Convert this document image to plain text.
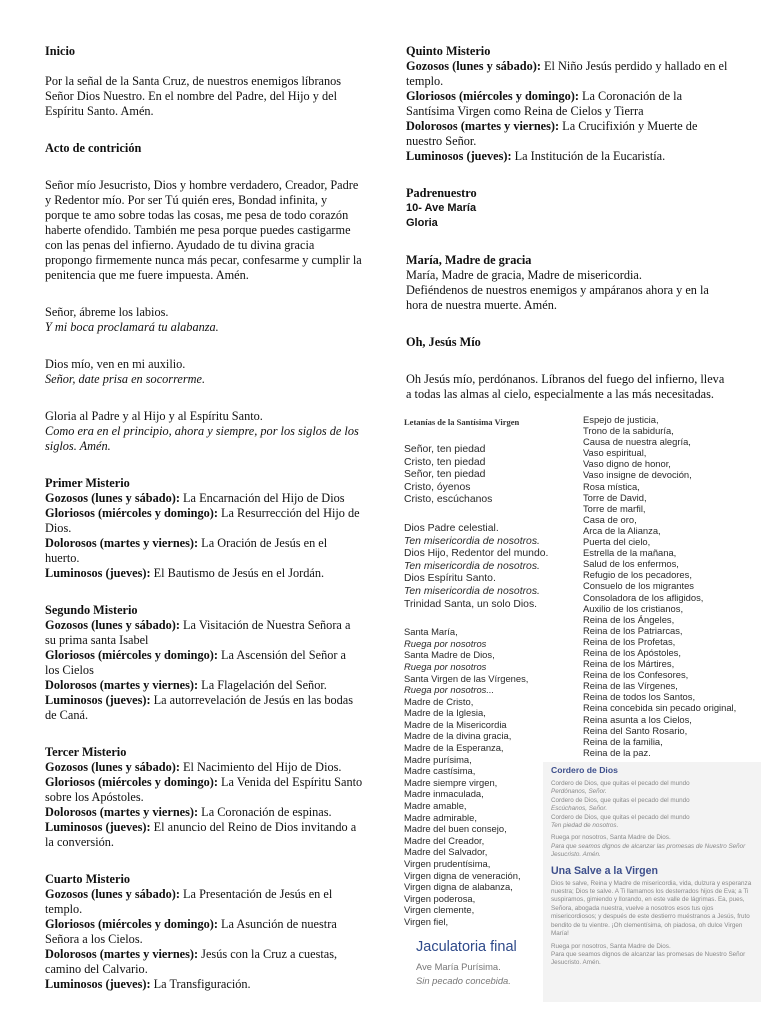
Inicio

Por la señal de la Santa Cruz, de nuestros enemigos líbranos Señor Dios Nuestro. En el nombre del Padre, del Hijo y del Espíritu Santo. Amén.

Acto de contrición

Señor mío Jesucristo, Dios y hombre verdadero, Creador, Padre y Redentor mío. Por ser Tú quién eres, Bondad infinita, y porque te amo sobre todas las cosas, me pesa de todo corazón haberte ofendido. También me pesa porque puedes castigarme con las penas del infierno. Ayudado de tu divina gracia propongo firmemente nunca más pecar, confesarme y cumplir la penitencia que me fuere impuesta. Amén.

Señor, ábreme los labios.

Y mi boca proclamará tu alabanza.

Dios mío, ven en mi auxilio.

Señor, date prisa en socorrerme.

Gloria al Padre y al Hijo y al Espíritu Santo.

Como era en el principio, ahora y siempre, por los siglos de los siglos. Amén.

Primer Misterio

Gozosos (lunes y sábado): La Encarnación del Hijo de Dios

Gloriosos (miércoles y domingo): La Resurrección del Hijo de Dios.

Dolorosos (martes y viernes): La Oración de Jesús en el huerto.

Luminosos (jueves): El Bautismo de Jesús en el Jordán.

Segundo Misterio

Gozosos (lunes y sábado): La Visitación de Nuestra Señora a su prima santa Isabel

Gloriosos (miércoles y domingo): La Ascensión del Señor a los Cielos

Dolorosos (martes y viernes): La Flagelación del Señor.

Luminosos (jueves): La autorrevelación de Jesús en las bodas de Caná.

Tercer Misterio

Gozosos (lunes y sábado): El Nacimiento del Hijo de Dios.

Gloriosos (miércoles y domingo): La Venida del Espíritu Santo sobre los Apóstoles.

Dolorosos (martes y viernes): La Coronación de espinas.

Luminosos (jueves): El anuncio del Reino de Dios invitando a la conversión.

Cuarto Misterio

Gozosos (lunes y sábado): La Presentación de Jesús en el templo.

Gloriosos (miércoles y domingo): La Asunción de nuestra Señora a los Cielos.

Dolorosos (martes y viernes): Jesús con la Cruz a cuestas, camino del Calvario.

Luminosos (jueves): La Transfiguración.

Quinto Misterio

Gozosos (lunes y sábado): El Niño Jesús perdido y hallado en el templo.

Gloriosos (miércoles y domingo): La Coronación de la Santísima Virgen como Reina de Cielos y Tierra

Dolorosos (martes y viernes): La Crucifixión y Muerte de nuestro Señor.

Luminosos (jueves): La Institución de la Eucaristía.

Padrenuestro

10- Ave María

Gloria

María, Madre de gracia

María, Madre de gracia, Madre de misericordia.

Defiéndenos de nuestros enemigos y ampáranos ahora y en la hora de nuestra muerte. Amén.

Oh, Jesús Mío

Oh Jesús mío, perdónanos. Líbranos del fuego del infierno, lleva a todas las almas al cielo, especialmente a las más necesitadas.

Letanías de la Santísima Virgen
Señor, ten piedad
Cristo, ten piedad
Señor, ten piedad
Cristo, óyenos
Cristo, escúchanos
Dios Padre celestial.
Ten misericordia de nosotros.
Dios Hijo, Redentor del mundo.
Ten misericordia de nosotros.
Dios Espíritu Santo.
Ten misericordia de nosotros.
Trinidad Santa, un solo Dios.
Santa María,
Ruega por nosotros
Santa Madre de Dios,
Ruega por nosotros
Santa Virgen de las Vírgenes,
Ruega por nosotros...
Madre de Cristo,
Madre de la Iglesia,
Madre de la Misericordia
Madre de la divina gracia,
Madre de la Esperanza,
Madre purísima,
Madre castísima,
Madre siempre virgen,
Madre inmaculada,
Madre amable,
Madre admirable,
Madre del buen consejo,
Madre del Creador,
Madre del Salvador,
Virgen prudentísima,
Virgen digna de veneración,
Virgen digna de alabanza,
Virgen poderosa,
Virgen clemente,
Virgen fiel,
Espejo de justicia,
Trono de la sabiduría,
Causa de nuestra alegría,
Vaso espiritual,
Vaso digno de honor,
Vaso insigne de devoción,
Rosa mística,
Torre de David,
Torre de marfil,
Casa de oro,
Arca de la Alianza,
Puerta del cielo,
Estrella de la mañana,
Salud de los enfermos,
Refugio de los pecadores,
Consuelo de los migrantes
Consoladora de los afligidos,
Auxilio de los cristianos,
Reina de los Ángeles,
Reina de los Patriarcas,
Reina de los Profetas,
Reina de los Apóstoles,
Reina de los Mártires,
Reina de los Confesores,
Reina de las Vírgenes,
Reina de todos los Santos,
Reina concebida sin pecado original,
Reina asunta a los Cielos,
Reina del Santo Rosario,
Reina de la familia,
Reina de la paz.
Cordero de Dios
Cordero de Dios, que quitas el pecado del mundo
Perdónanos, Señor.
Cordero de Dios, que quitas el pecado del mundo
Escúchanos, Señor.
Cordero de Dios, que quitas el pecado del mundo
Ten piedad de nosotros.
Ruega por nosotros, Santa Madre de Dios.
Para que seamos dignos de alcanzar las promesas de Nuestro Señor Jesucristo. Amén.
Una Salve a la Virgen
Dios te salve, Reina y Madre de misericordia, vida, dulzura y esperanza nuestra; Dios te salve. A Ti llamamos los desterrados hijos de Eva; a Ti suspiramos, gimiendo y llorando, en este valle de lágrimas. Ea, pues, Señora, abogada nuestra, vuelve a nosotros esos tus ojos misericordiosos; y después de este destierro muéstranos a Jesús, fruto bendito de tu vientre. ¡Oh clementísima, oh piadosa, oh dulce Virgen María!
Ruega por nosotros, Santa Madre de Dios.
Para que seamos dignos de alcanzar las promesas de Nuestro Señor Jesucristo. Amén.
Jaculatoria final
Ave María Purísima.
Sin pecado concebida.
